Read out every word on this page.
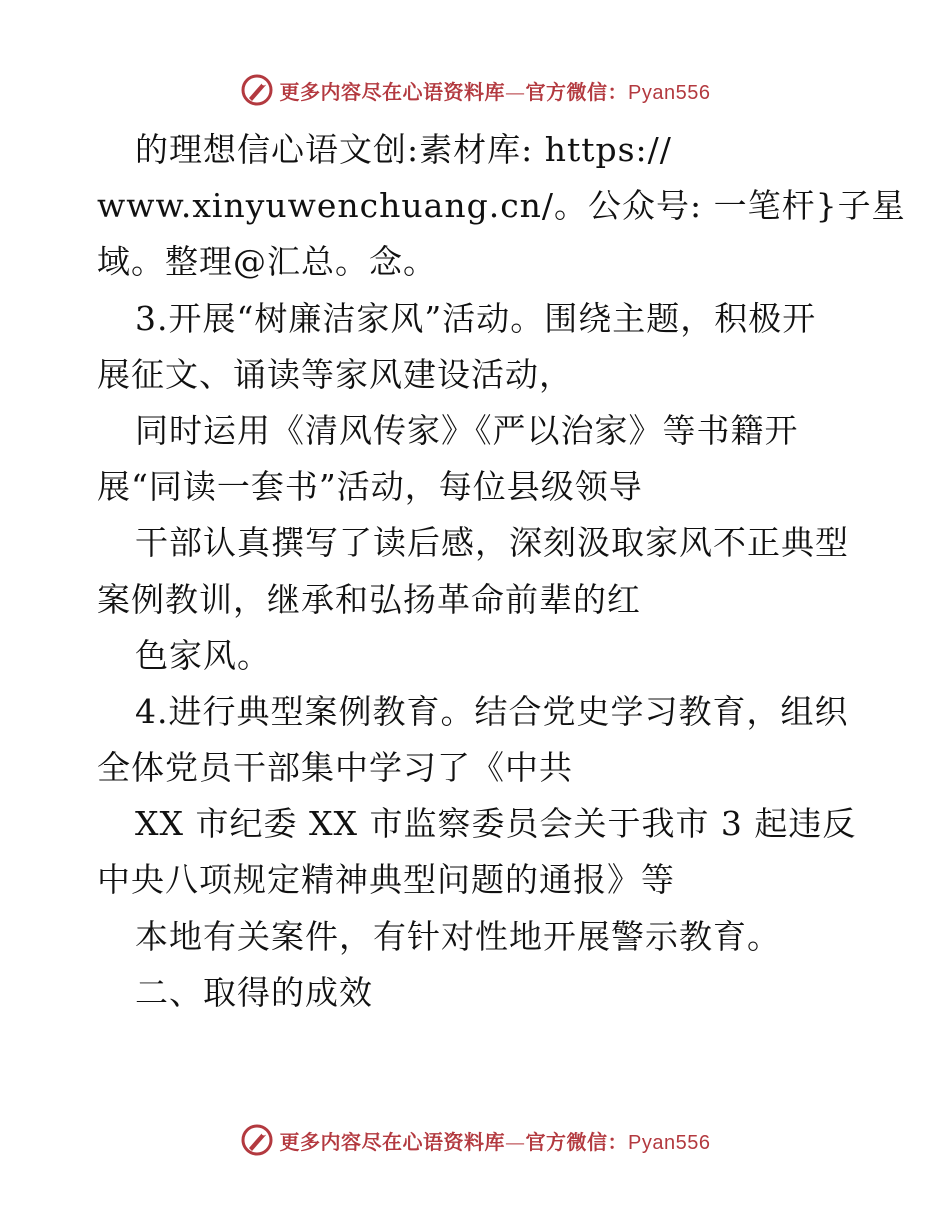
更多内容尽在心语资料库—官方微信：Pyan556
的理想信心语文创:素材库: https://
www.xinyuwenchuang.cn/。公众号: 一笔杆}子星
域。整理@汇总。念。
3.开展“树廉洁家风”活动。围绕主题，积极开
展征文、诵读等家风建设活动，
同时运用《清风传家》《严以治家》等书籍开
展“同读一套书”活动，每位县级领导
干部认真撰写了读后感，深刻汲取家风不正典型
案例教训，继承和弘扬革命前辈的红
色家风。
4.进行典型案例教育。结合党史学习教育，组织
全体党员干部集中学习了《中共
XX 市纪委 XX 市监察委员会关于我市 3 起违反
中央八项规定精神典型问题的通报》等
本地有关案件，有针对性地开展警示教育。
二、取得的成效
更多内容尽在心语资料库—官方微信：Pyan556
